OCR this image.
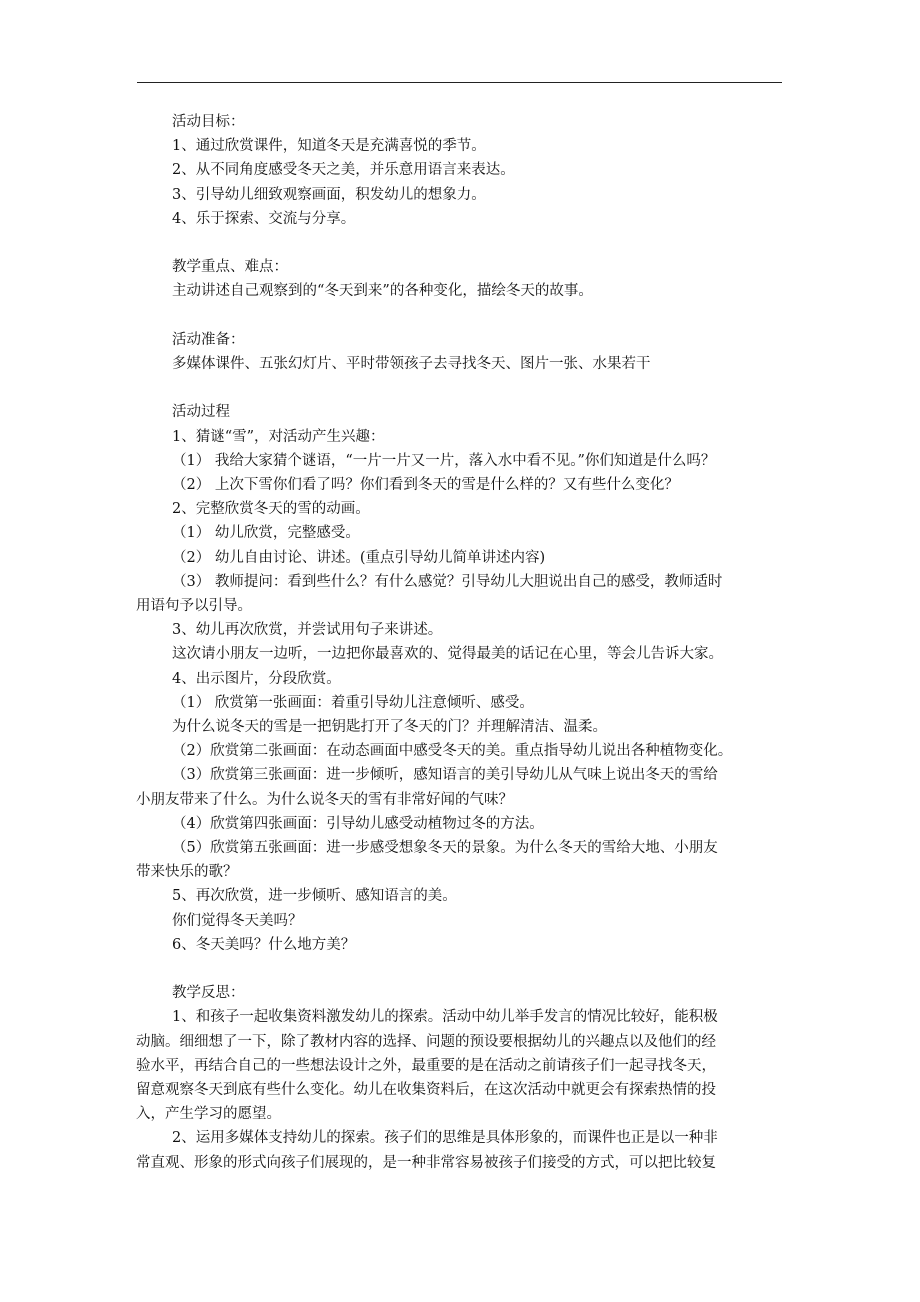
活动目标：
1、通过欣赏课件，知道冬天是充满喜悦的季节。
2、从不同角度感受冬天之美，并乐意用语言来表达。
3、引导幼儿细致观察画面，积发幼儿的想象力。
4、乐于探索、交流与分享。
教学重点、难点：
主动讲述自己观察到的“冬天到来”的各种变化，描绘冬天的故事。
活动准备：
多媒体课件、五张幻灯片、平时带领孩子去寻找冬天、图片一张、水果若干
活动过程
1、猜谜“雪”，对活动产生兴趣：
（1） 我给大家猜个谜语，“一片一片又一片，落入水中看不见。”你们知道是什么吗？
（2） 上次下雪你们看了吗？你们看到冬天的雪是什么样的？又有些什么变化？
2、完整欣赏冬天的雪的动画。
（1） 幼儿欣赏，完整感受。
（2） 幼儿自由讨论、讲述。(重点引导幼儿简单讲述内容)
（3） 教师提问：看到些什么？有什么感觉？引导幼儿大胆说出自己的感受，教师适时
用语句予以引导。
3、幼儿再次欣赏，并尝试用句子来讲述。
这次请小朋友一边听，一边把你最喜欢的、觉得最美的话记在心里，等会儿告诉大家。
4、出示图片，分段欣赏。
（1） 欣赏第一张画面：着重引导幼儿注意倾听、感受。
为什么说冬天的雪是一把钥匙打开了冬天的门？并理解清洁、温柔。
（2）欣赏第二张画面：在动态画面中感受冬天的美。重点指导幼儿说出各种植物变化。
（3）欣赏第三张画面：进一步倾听，感知语言的美引导幼儿从气味上说出冬天的雪给
小朋友带来了什么。为什么说冬天的雪有非常好闻的气味？
（4）欣赏第四张画面：引导幼儿感受动植物过冬的方法。
（5）欣赏第五张画面：进一步感受想象冬天的景象。为什么冬天的雪给大地、小朋友
带来快乐的歌？
5、再次欣赏，进一步倾听、感知语言的美。
你们觉得冬天美吗？
6、冬天美吗？什么地方美？
教学反思：
1、和孩子一起收集资料激发幼儿的探索。活动中幼儿举手发言的情况比较好，能积极
动脑。细细想了一下，除了教材内容的选择、问题的预设要根据幼儿的兴趣点以及他们的经
验水平，再结合自己的一些想法设计之外，最重要的是在活动之前请孩子们一起寻找冬天，
留意观察冬天到底有些什么变化。幼儿在收集资料后，在这次活动中就更会有探索热情的投
入，产生学习的愿望。
2、运用多媒体支持幼儿的探索。孩子们的思维是具体形象的，而课件也正是以一种非
常直观、形象的形式向孩子们展现的，是一种非常容易被孩子们接受的方式，可以把比较复
